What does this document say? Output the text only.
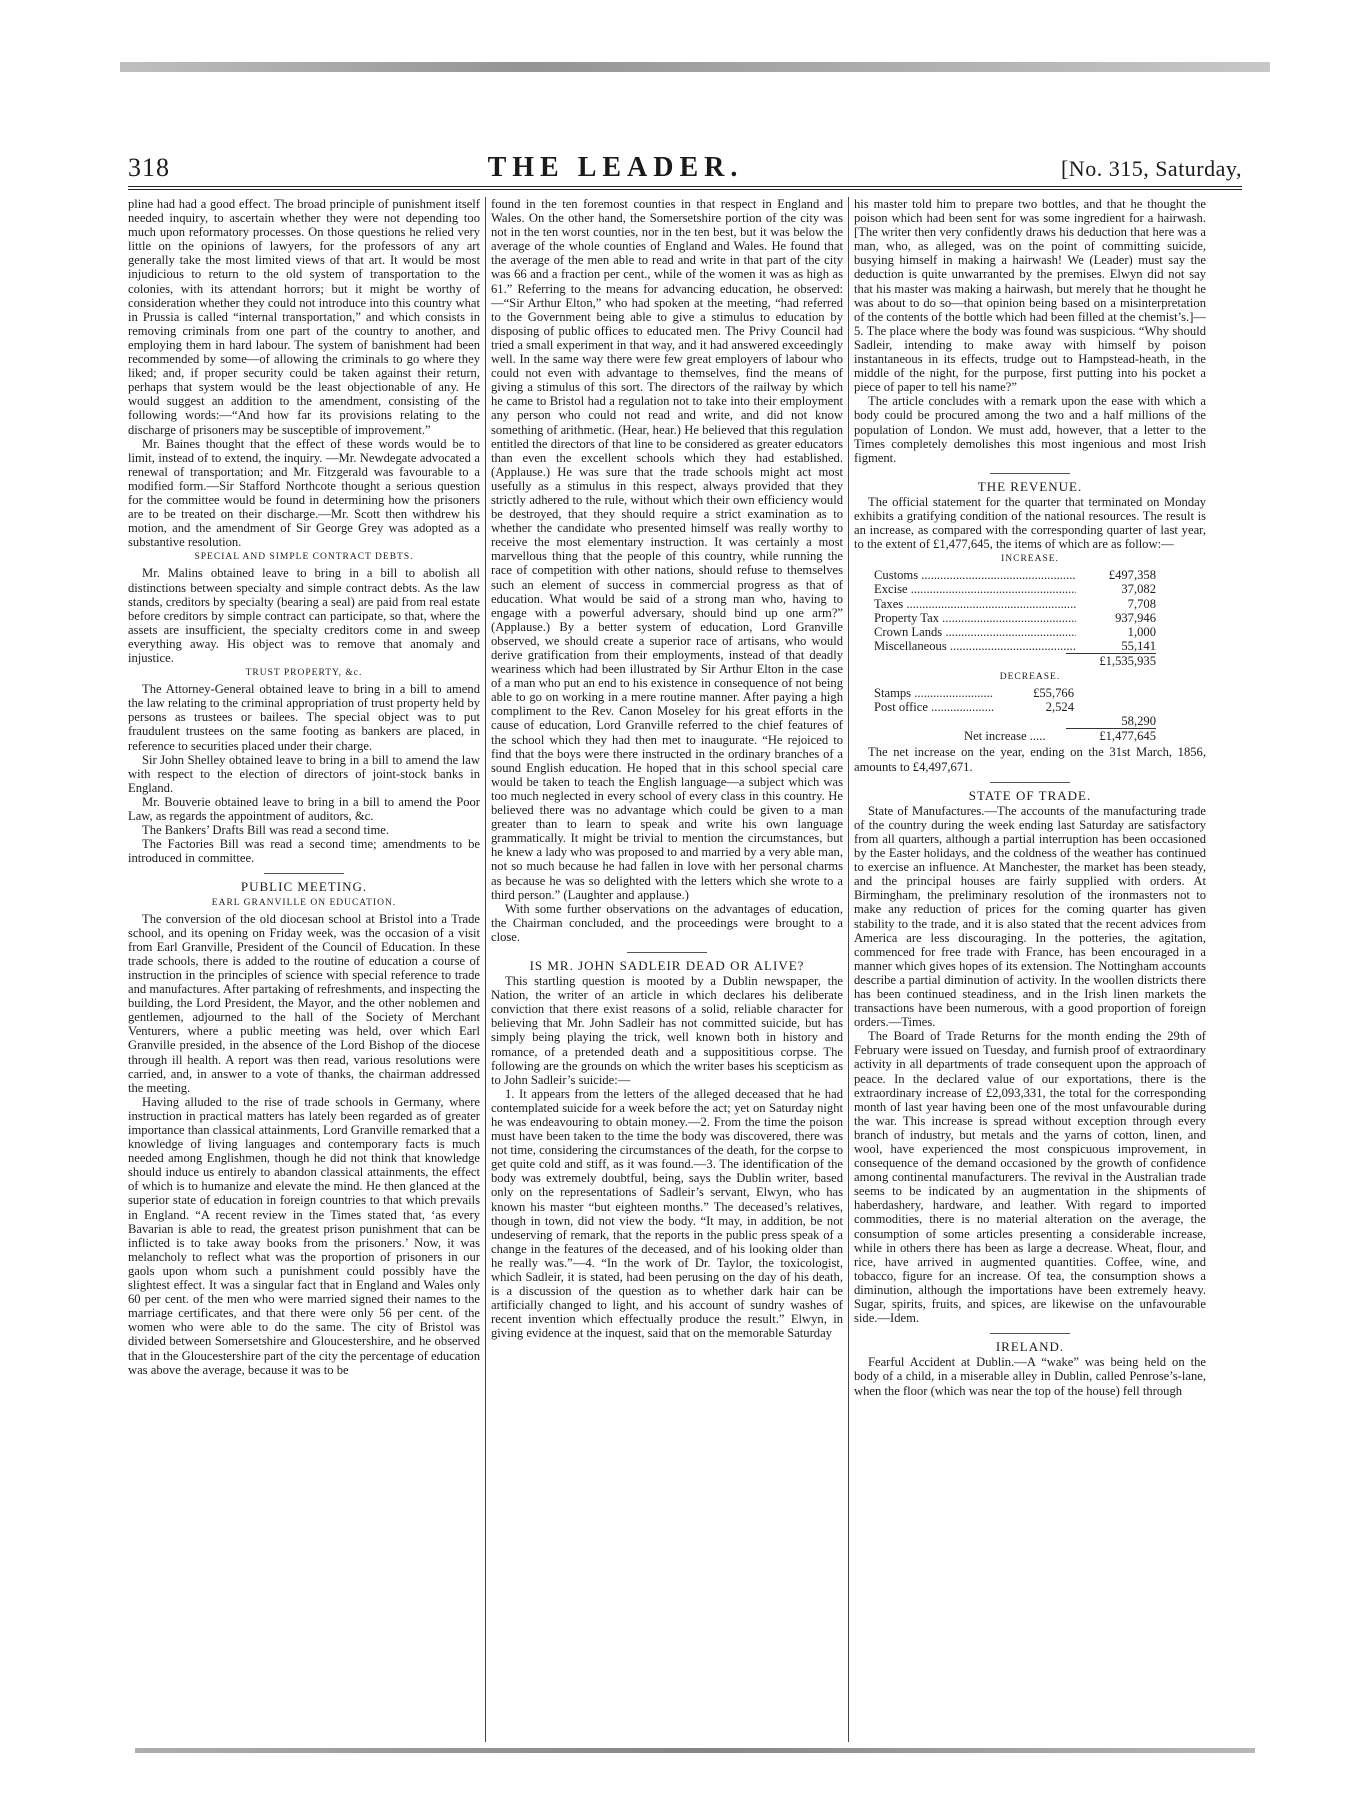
318	THE LEADER.	[No. 315, Saturday,

pline had had a good effect. The broad principle of punishment itself needed inquiry, to ascertain whether they were not depending too much upon reformatory processes. On those questions he relied very little on the opinions of lawyers, for the professors of any art generally take the most limited views of that art. It would be most injudicious to return to the old system of transportation to the colonies, with its attendant horrors; but it might be worthy of consideration whether they could not introduce into this country what in Prussia is called “internal transportation,” and which consists in removing criminals from one part of the country to another, and employing them in hard labour. The system of banishment had been recommended by some—of allowing the criminals to go where they liked; and, if proper security could be taken against their return, perhaps that system would be the least objectionable of any. He would suggest an addition to the amendment, consisting of the following words:—“And how far its provisions relating to the discharge of prisoners may be susceptible of improvement.”

Mr. Baines thought that the effect of these words would be to limit, instead of to extend, the inquiry. —Mr. Newdegate advocated a renewal of transportation; and Mr. Fitzgerald was favourable to a modified form.—Sir Stafford Northcote thought a serious question for the committee would be found in determining how the prisoners are to be treated on their discharge.—Mr. Scott then withdrew his motion, and the amendment of Sir George Grey was adopted as a substantive resolution.

SPECIAL AND SIMPLE CONTRACT DEBTS.

Mr. Malins obtained leave to bring in a bill to abolish all distinctions between specialty and simple contract debts. As the law stands, creditors by specialty (bearing a seal) are paid from real estate before creditors by simple contract can participate, so that, where the assets are insufficient, the specialty creditors come in and sweep everything away. His object was to remove that anomaly and injustice.

TRUST PROPERTY, &c.

The Attorney-General obtained leave to bring in a bill to amend the law relating to the criminal appropriation of trust property held by persons as trustees or bailees. The special object was to put fraudulent trustees on the same footing as bankers are placed, in reference to securities placed under their charge.

Sir John Shelley obtained leave to bring in a bill to amend the law with respect to the election of directors of joint-stock banks in England.

Mr. Bouverie obtained leave to bring in a bill to amend the Poor Law, as regards the appointment of auditors, &c.

The Bankers’ Drafts Bill was read a second time.

The Factories Bill was read a second time; amendments to be introduced in committee.

PUBLIC MEETING.
EARL GRANVILLE ON EDUCATION.

The conversion of the old diocesan school at Bristol into a Trade school, and its opening on Friday week, was the occasion of a visit from Earl Granville, President of the Council of Education. In these trade schools, there is added to the routine of education a course of instruction in the principles of science with special reference to trade and manufactures. After partaking of refreshments, and inspecting the building, the Lord President, the Mayor, and the other noblemen and gentlemen, adjourned to the hall of the Society of Merchant Venturers, where a public meeting was held, over which Earl Granville presided, in the absence of the Lord Bishop of the diocese through ill health. A report was then read, various resolutions were carried, and, in answer to a vote of thanks, the chairman addressed the meeting.

Having alluded to the rise of trade schools in Germany, where instruction in practical matters has lately been regarded as of greater importance than classical attainments, Lord Granville remarked that a knowledge of living languages and contemporary facts is much needed among Englishmen, though he did not think that knowledge should induce us entirely to abandon classical attainments, the effect of which is to humanize and elevate the mind. He then glanced at the superior state of education in foreign countries to that which prevails in England. “A recent review in the Times stated that, ‘as every Bavarian is able to read, the greatest prison punishment that can be inflicted is to take away books from the prisoners.’ Now, it was melancholy to reflect what was the proportion of prisoners in our gaols upon whom such a punishment could possibly have the slightest effect. It was a singular fact that in England and Wales only 60 per cent. of the men who were married signed their names to the marriage certificates, and that there were only 56 per cent. of the women who were able to do the same. The city of Bristol was divided between Somersetshire and Gloucestershire, and he observed that in the Gloucestershire part of the city the percentage of education was above the average, because it was to be

found in the ten foremost counties in that respect in England and Wales. On the other hand, the Somersetshire portion of the city was not in the ten worst counties, nor in the ten best, but it was below the average of the whole counties of England and Wales. He found that the average of the men able to read and write in that part of the city was 66 and a fraction per cent., while of the women it was as high as 61.” Referring to the means for advancing education, he observed:—“Sir Arthur Elton,” who had spoken at the meeting, “had referred to the Government being able to give a stimulus to education by disposing of public offices to educated men. The Privy Council had tried a small experiment in that way, and it had answered exceedingly well. In the same way there were few great employers of labour who could not even with advantage to themselves, find the means of giving a stimulus of this sort. The directors of the railway by which he came to Bristol had a regulation not to take into their employment any person who could not read and write, and did not know something of arithmetic. (Hear, hear.) He believed that this regulation entitled the directors of that line to be considered as greater educators than even the excellent schools which they had established. (Applause.) He was sure that the trade schools might act most usefully as a stimulus in this respect, always provided that they strictly adhered to the rule, without which their own efficiency would be destroyed, that they should require a strict examination as to whether the candidate who presented himself was really worthy to receive the most elementary instruction. It was certainly a most marvellous thing that the people of this country, while running the race of competition with other nations, should refuse to themselves such an element of success in commercial progress as that of education. What would be said of a strong man who, having to engage with a powerful adversary, should bind up one arm?” (Applause.) By a better system of education, Lord Granville observed, we should create a superior race of artisans, who would derive gratification from their employments, instead of that deadly weariness which had been illustrated by Sir Arthur Elton in the case of a man who put an end to his existence in consequence of not being able to go on working in a mere routine manner. After paying a high compliment to the Rev. Canon Moseley for his great efforts in the cause of education, Lord Granville referred to the chief features of the school which they had then met to inaugurate. “He rejoiced to find that the boys were there instructed in the ordinary branches of a sound English education. He hoped that in this school special care would be taken to teach the English language—a subject which was too much neglected in every school of every class in this country. He believed there was no advantage which could be given to a man greater than to learn to speak and write his own language grammatically. It might be trivial to mention the circumstances, but he knew a lady who was proposed to and married by a very able man, not so much because he had fallen in love with her personal charms as because he was so delighted with the letters which she wrote to a third person.” (Laughter and applause.)

With some further observations on the advantages of education, the Chairman concluded, and the proceedings were brought to a close.

IS MR. JOHN SADLEIR DEAD OR ALIVE?

This startling question is mooted by a Dublin newspaper, the Nation, the writer of an article in which declares his deliberate conviction that there exist reasons of a solid, reliable character for believing that Mr. John Sadleir has not committed suicide, but has simply being playing the trick, well known both in history and romance, of a pretended death and a supposititious corpse. The following are the grounds on which the writer bases his scepticism as to John Sadleir’s suicide:—

1. It appears from the letters of the alleged deceased that he had contemplated suicide for a week before the act; yet on Saturday night he was endeavouring to obtain money.—2. From the time the poison must have been taken to the time the body was discovered, there was not time, considering the circumstances of the death, for the corpse to get quite cold and stiff, as it was found.—3. The identification of the body was extremely doubtful, being, says the Dublin writer, based only on the representations of Sadleir’s servant, Elwyn, who has known his master “but eighteen months.” The deceased’s relatives, though in town, did not view the body. “It may, in addition, be not undeserving of remark, that the reports in the public press speak of a change in the features of the deceased, and of his looking older than he really was.”—4. “In the work of Dr. Taylor, the toxicologist, which Sadleir, it is stated, had been perusing on the day of his death, is a discussion of the question as to whether dark hair can be artificially changed to light, and his account of sundry washes of recent invention which effectually produce the result.” Elwyn, in giving evidence at the inquest, said that on the memorable Saturday

his master told him to prepare two bottles, and that he thought the poison which had been sent for was some ingredient for a hairwash. [The writer then very confidently draws his deduction that here was a man, who, as alleged, was on the point of committing suicide, busying himself in making a hairwash! We (Leader) must say the deduction is quite unwarranted by the premises. Elwyn did not say that his master was making a hairwash, but merely that he thought he was about to do so—that opinion being based on a misinterpretation of the contents of the bottle which had been filled at the chemist’s.]—5. The place where the body was found was suspicious. “Why should Sadleir, intending to make away with himself by poison instantaneous in its effects, trudge out to Hampstead-heath, in the middle of the night, for the purpose, first putting into his pocket a piece of paper to tell his name?”

The article concludes with a remark upon the ease with which a body could be procured among the two and a half millions of the population of London. We must add, however, that a letter to the Times completely demolishes this most ingenious and most Irish figment.

THE REVENUE.

The official statement for the quarter that terminated on Monday exhibits a gratifying condition of the national resources. The result is an increase, as compared with the corresponding quarter of last year, to the extent of £1,477,645, the items of which are as follow:—

INCREASE.
Customs .....	£497,358
Excise .....	37,082
Taxes .....	7,708
Property Tax .....	937,946
Crown Lands .....	1,000
Miscellaneous .....	55,141
£1,535,935
DECREASE.
Stamps .....	£55,766
Post office .....	2,524
58,290
Net increase .....	£1,477,645

The net increase on the year, ending on the 31st March, 1856, amounts to £4,497,671.

STATE OF TRADE.

State of Manufactures.—The accounts of the manufacturing trade of the country during the week ending last Saturday are satisfactory from all quarters, although a partial interruption has been occasioned by the Easter holidays, and the coldness of the weather has continued to exercise an influence. At Manchester, the market has been steady, and the principal houses are fairly supplied with orders. At Birmingham, the preliminary resolution of the ironmasters not to make any reduction of prices for the coming quarter has given stability to the trade, and it is also stated that the recent advices from America are less discouraging. In the potteries, the agitation, commenced for free trade with France, has been encouraged in a manner which gives hopes of its extension. The Nottingham accounts describe a partial diminution of activity. In the woollen districts there has been continued steadiness, and in the Irish linen markets the transactions have been numerous, with a good proportion of foreign orders.—Times.

The Board of Trade Returns for the month ending the 29th of February were issued on Tuesday, and furnish proof of extraordinary activity in all departments of trade consequent upon the approach of peace. In the declared value of our exportations, there is the extraordinary increase of £2,093,331, the total for the corresponding month of last year having been one of the most unfavourable during the war. This increase is spread without exception through every branch of industry, but metals and the yarns of cotton, linen, and wool, have experienced the most conspicuous improvement, in consequence of the demand occasioned by the growth of confidence among continental manufacturers. The revival in the Australian trade seems to be indicated by an augmentation in the shipments of haberdashery, hardware, and leather. With regard to imported commodities, there is no material alteration on the average, the consumption of some articles presenting a considerable increase, while in others there has been as large a decrease. Wheat, flour, and rice, have arrived in augmented quantities. Coffee, wine, and tobacco, figure for an increase. Of tea, the consumption shows a diminution, although the importations have been extremely heavy. Sugar, spirits, fruits, and spices, are likewise on the unfavourable side.—Idem.

IRELAND.

Fearful Accident at Dublin.—A “wake” was being held on the body of a child, in a miserable alley in Dublin, called Penrose’s-lane, when the floor (which was near the top of the house) fell through
